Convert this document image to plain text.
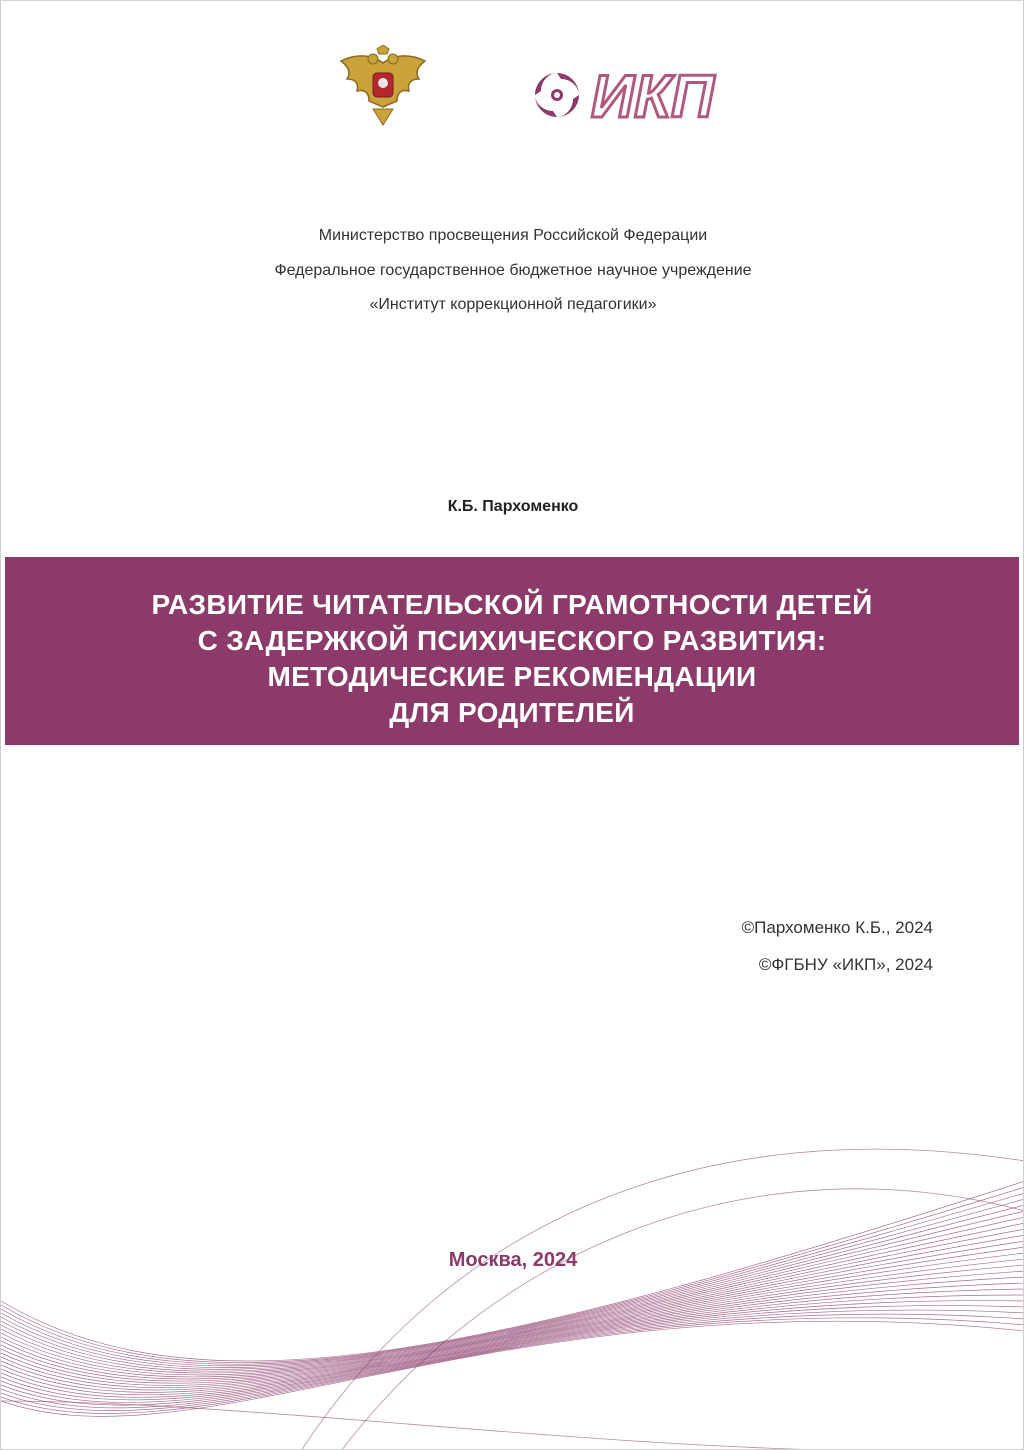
ИКП
Министерство просвещения Российской Федерации
Федеральное государственное бюджетное научное учреждение
«Институт коррекционной педагогики»
К.Б. Пархоменко
РАЗВИТИЕ ЧИТАТЕЛЬСКОЙ ГРАМОТНОСТИ ДЕТЕЙ
С ЗАДЕРЖКОЙ ПСИХИЧЕСКОГО РАЗВИТИЯ:
МЕТОДИЧЕСКИЕ РЕКОМЕНДАЦИИ
ДЛЯ РОДИТЕЛЕЙ
©Пархоменко К.Б., 2024
©ФГБНУ «ИКП», 2024
Москва, 2024
